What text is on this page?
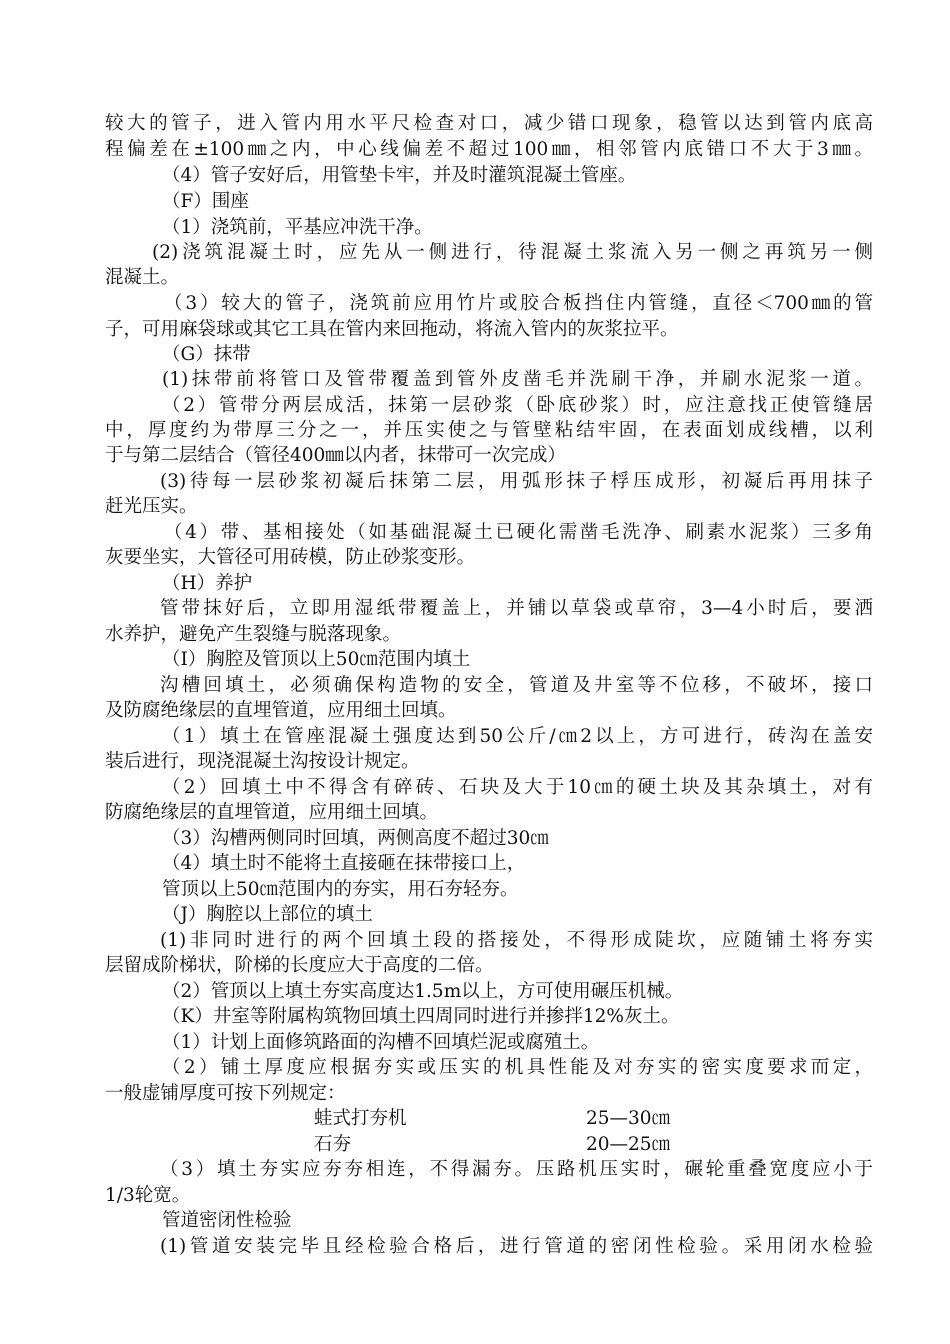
较大的管子，进入管内用水平尺检查对口，减少错口现象，稳管以达到管内底高
程偏差在±100㎜之内，中心线偏差不超过100㎜，相邻管内底错口不大于3㎜。
（4）管子安好后，用管垫卡牢，并及时灌筑混凝土管座。
（F）围座
（1）浇筑前，平基应冲洗干净。
(2)浇筑混凝土时，应先从一侧进行，待混凝土浆流入另一侧之再筑另一侧
混凝土。
（3）较大的管子，浇筑前应用竹片或胶合板挡住内管缝，直径＜700㎜的管
子，可用麻袋球或其它工具在管内来回拖动，将流入管内的灰浆拉平。
（G）抹带
(1)抹带前将管口及管带覆盖到管外皮凿毛并洗刷干净，并刷水泥浆一道。
（2）管带分两层成活，抹第一层砂浆（卧底砂浆）时，应注意找正使管缝居
中，厚度约为带厚三分之一，并压实使之与管壁粘结牢固，在表面划成线槽，以利
于与第二层结合（管径400㎜以内者，抹带可一次完成）
(3)待每一层砂浆初凝后抹第二层，用弧形抹子桴压成形，初凝后再用抹子
赶光压实。
（4）带、基相接处（如基础混凝土已硬化需凿毛洗净、刷素水泥浆）三多角
灰要坐实，大管径可用砖模，防止砂浆变形。
（H）养护
管带抹好后，立即用湿纸带覆盖上，并铺以草袋或草帘，3—4小时后，要洒
水养护，避免产生裂缝与脱落现象。
（I）胸腔及管顶以上50㎝范围内填土
沟槽回填土，必须确保构造物的安全，管道及井室等不位移，不破坏，接口
及防腐绝缘层的直埋管道，应用细土回填。
（1）填土在管座混凝土强度达到50公斤/㎝2以上，方可进行，砖沟在盖安
装后进行，现浇混凝土沟按设计规定。
（2）回填土中不得含有碎砖、石块及大于10㎝的硬土块及其杂填土，对有
防腐绝缘层的直埋管道，应用细土回填。
（3）沟槽两侧同时回填，两侧高度不超过30㎝
（4）填土时不能将土直接砸在抹带接口上，
管顶以上50㎝范围内的夯实，用石夯轻夯。
（J）胸腔以上部位的填土
(1)非同时进行的两个回填土段的搭接处，不得形成陡坎，应随铺土将夯实
层留成阶梯状，阶梯的长度应大于高度的二倍。
（2）管顶以上填土夯实高度达1.5m以上，方可使用碾压机械。
（K）井室等附属构筑物回填土四周同时进行并掺拌12%灰土。
（1）计划上面修筑路面的沟槽不回填烂泥或腐殖土。
（2）铺土厚度应根据夯实或压实的机具性能及对夯实的密实度要求而定，
一般虚铺厚度可按下列规定：
蛙式打夯机	25—30㎝
石夯	20—25㎝
（3）填土夯实应夯夯相连，不得漏夯。压路机压实时，碾轮重叠宽度应小于
1/3轮宽。
管道密闭性检验
(1)管道安装完毕且经检验合格后，进行管道的密闭性检验。采用闭水检验
